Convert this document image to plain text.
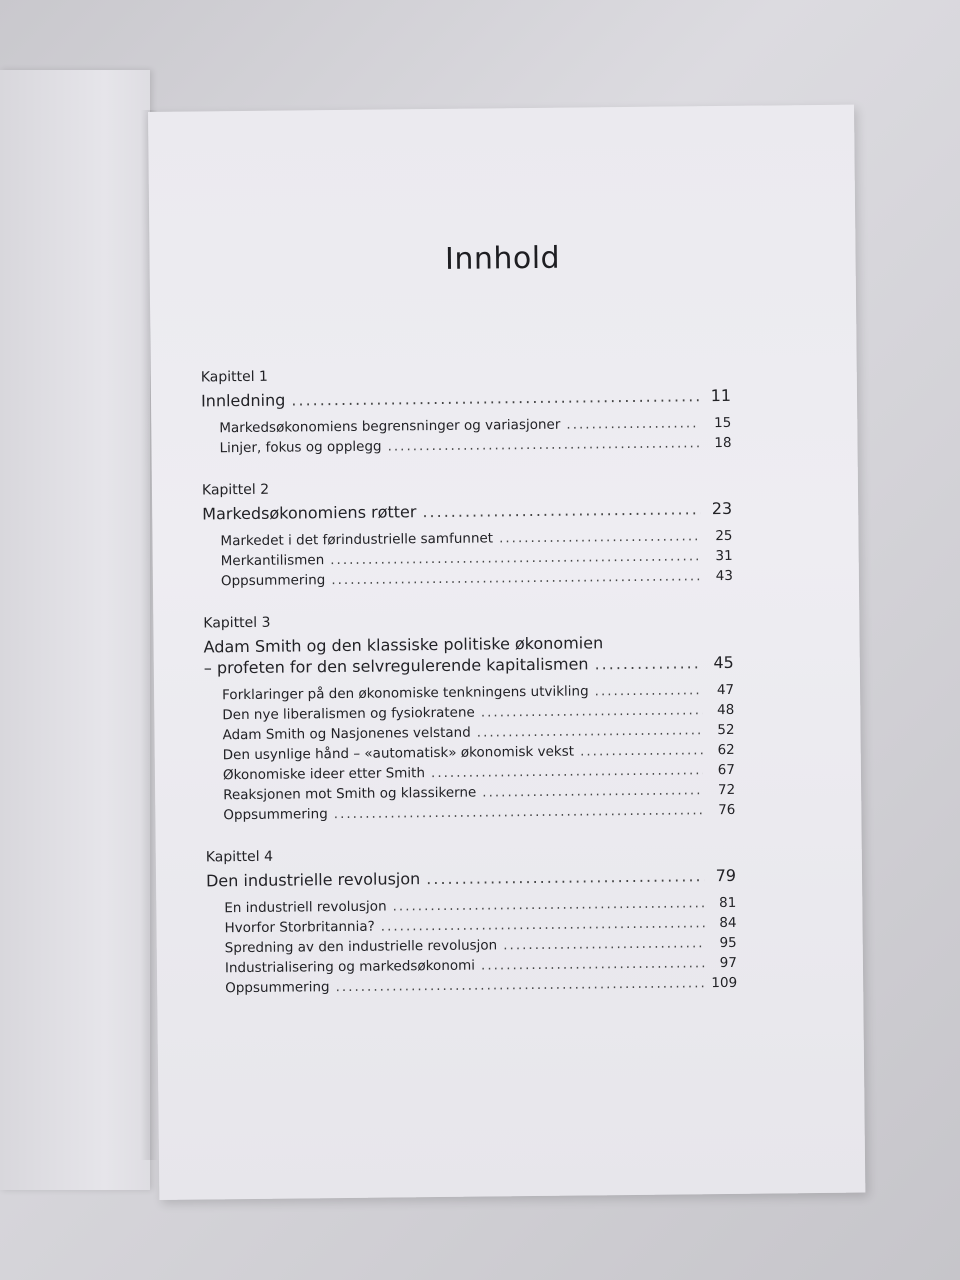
Innhold
Kapittel 1
Innledning .....	11
Markedsøkonomiens begrensninger og variasjoner .....	15
Linjer, fokus og opplegg .....	18
Kapittel 2
Markedsøkonomiens røtter .....	23
Markedet i det førindustrielle samfunnet .....	25
Merkantilismen .....	31
Oppsummering .....	43
Kapittel 3
Adam Smith og den klassiske politiske økonomien
– profeten for den selvregulerende kapitalismen .....	45
Forklaringer på den økonomiske tenkningens utvikling .....	47
Den nye liberalismen og fysiokratene .....	48
Adam Smith og Nasjonenes velstand .....	52
Den usynlige hånd – «automatisk» økonomisk vekst .....	62
Økonomiske ideer etter Smith .....	67
Reaksjonen mot Smith og klassikerne .....	72
Oppsummering .....	76
Kapittel 4
Den industrielle revolusjon .....	79
En industriell revolusjon .....	81
Hvorfor Storbritannia? .....	84
Spredning av den industrielle revolusjon .....	95
Industrialisering og markedsøkonomi .....	97
Oppsummering .....	109
